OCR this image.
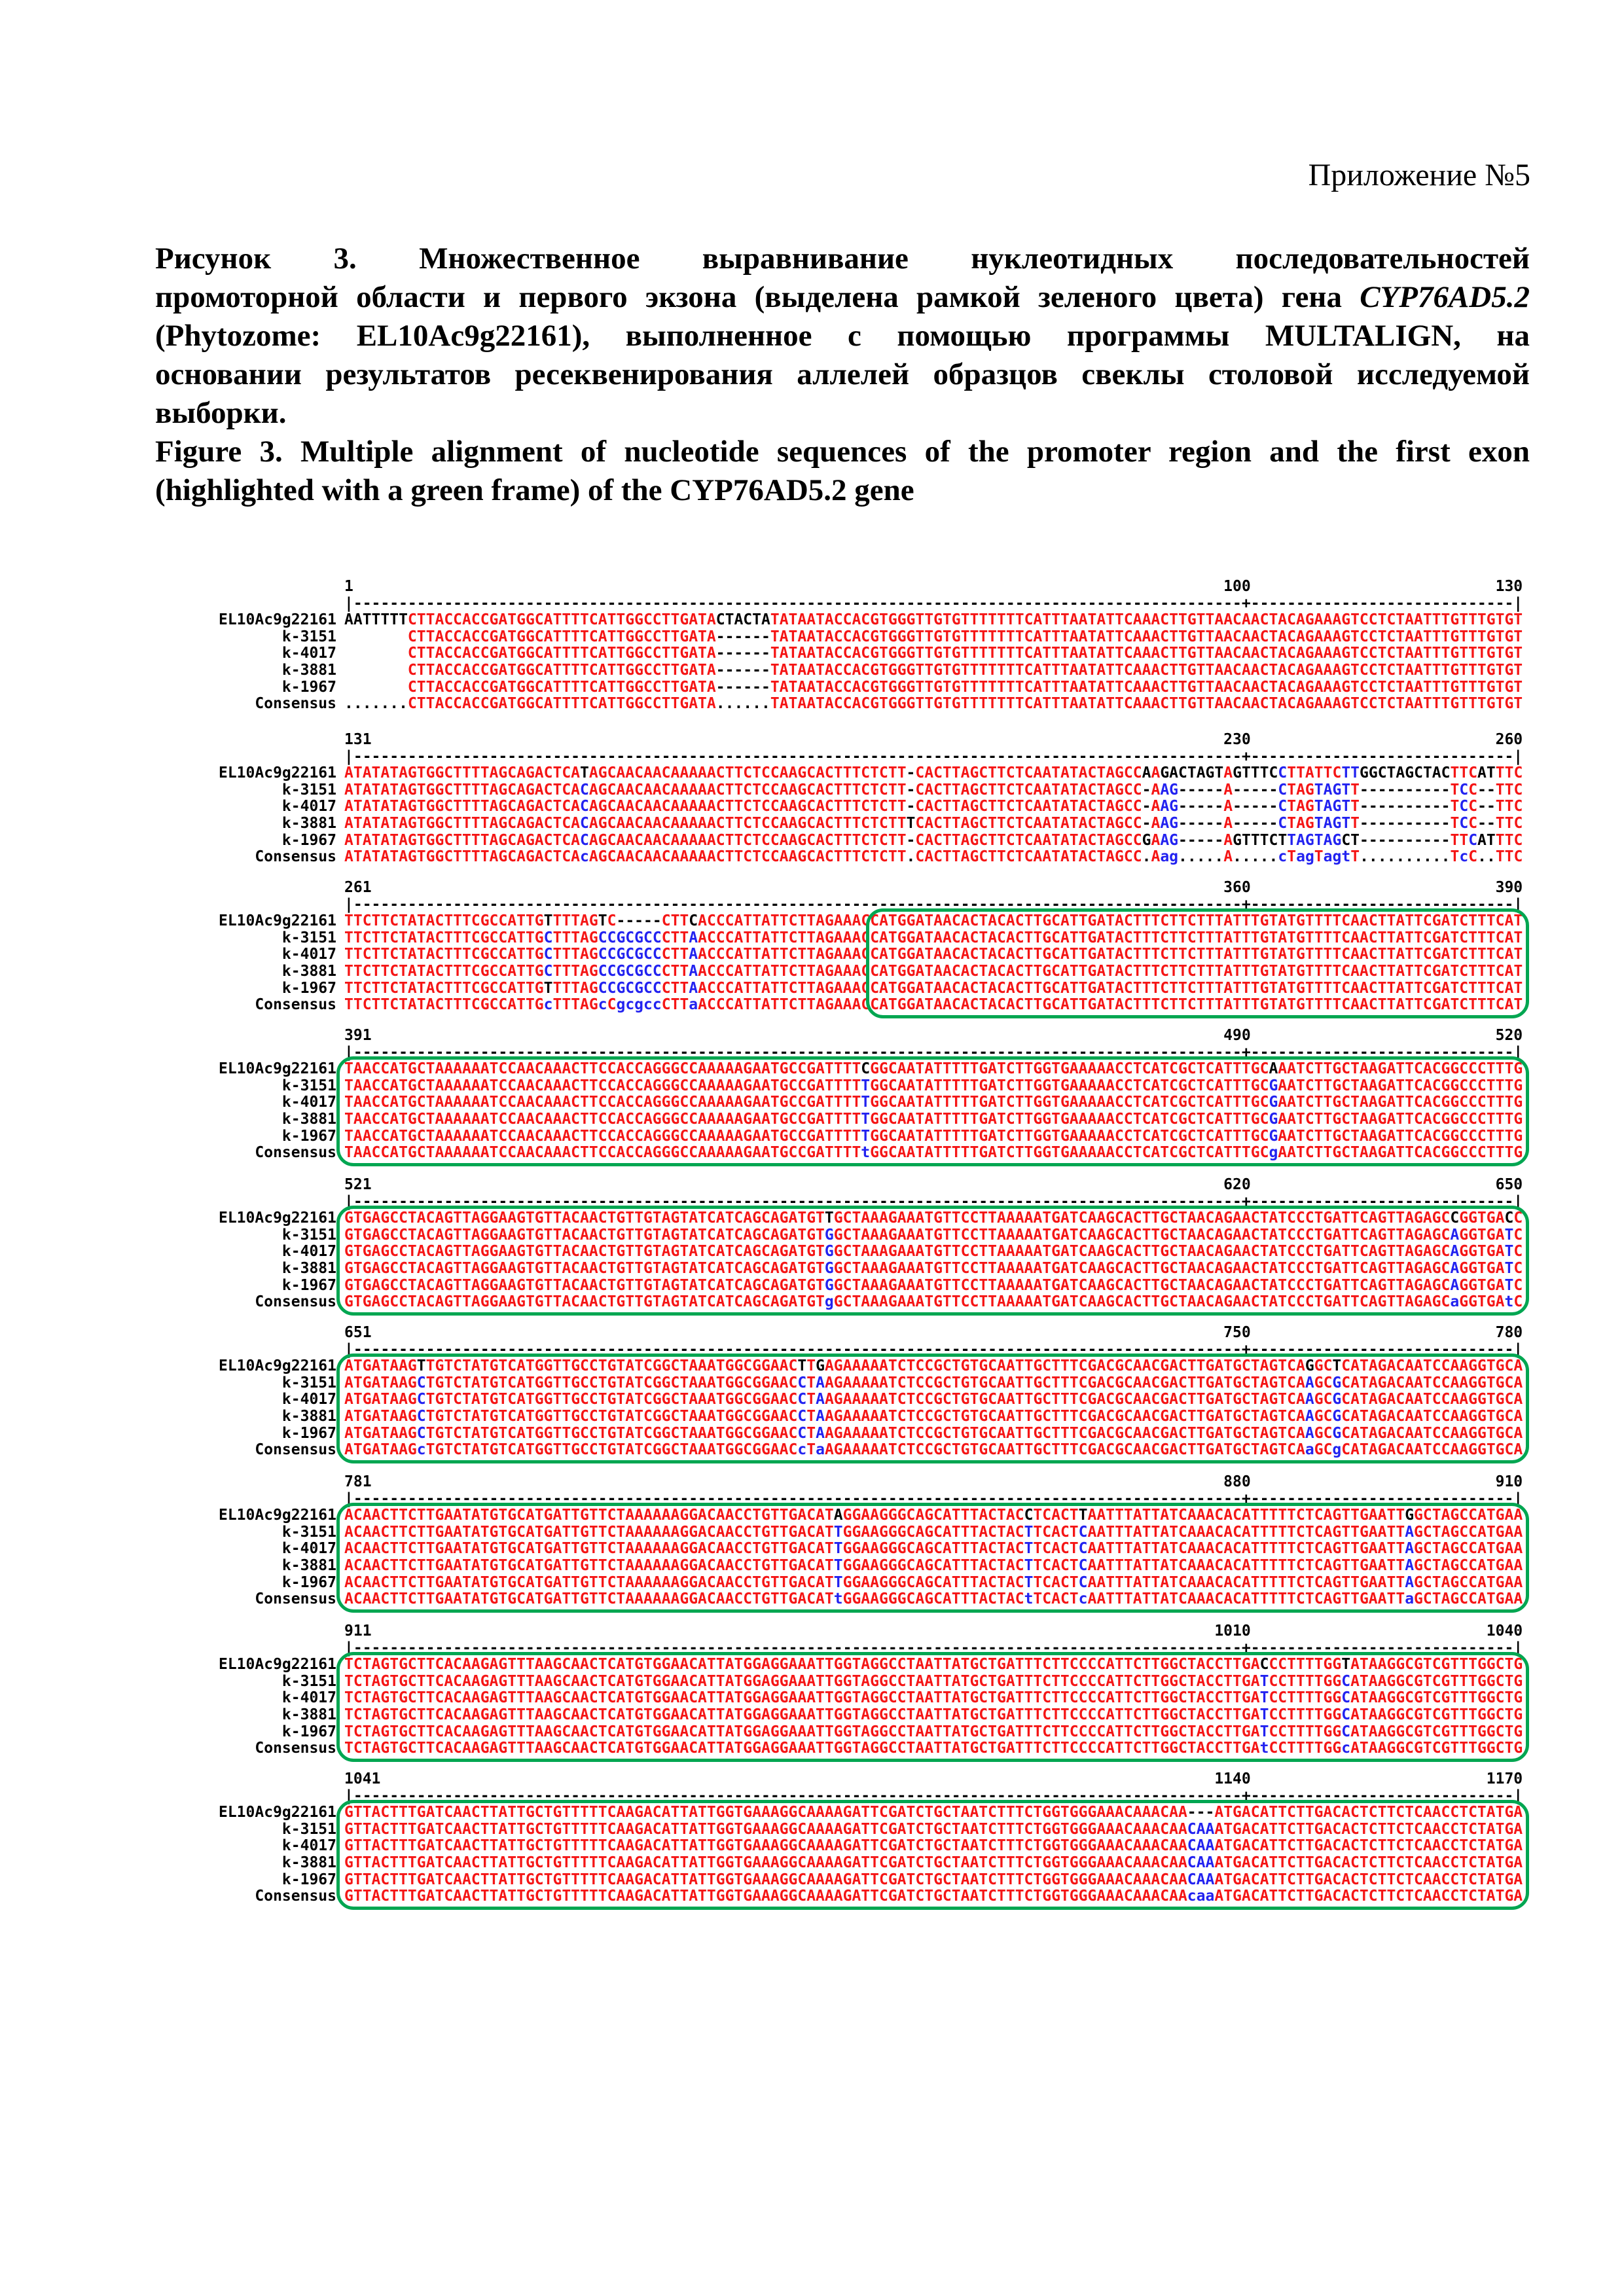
Приложение №5
Рисунок 3. Множественное выравнивание нуклеотидных последовательностей
промоторной области и первого экзона (выделена рамкой зеленого цвета) гена CYP76AD5.2
(Phytozome: EL10Ac9g22161), выполненное с помощью программы MULTALIGN, на
основании результатов ресеквенирования аллелей образцов свеклы столовой исследуемой
выборки.
Figure 3. Multiple alignment of nucleotide sequences of the promoter region and the first exon
(highlighted with a green frame) of the CYP76AD5.2 gene
1                                                                                                100                           130
|--------------------------------------------------------------------------------------------------+-----------------------------|
EL10Ac9g22161 AATTTTTCTTACCACCGATGGCATTTTCATTGGCCTTGATACTACTATATAATACCACGTGGGTTGTGTTTTTTTCATTTAATATTCAAACTTGTTAACAACTACAGAAAGTCCTCTAATTTGTTTGTGT
k-3151 CTTACCACCGATGGCATTTTCATTGGCCTTGATA------TATAATACCACGTGGGTTGTGTTTTTTTCATTTAATATTCAAACTTGTTAACAACTACAGAAAGTCCTCTAATTTGTTTGTGT
k-4017 CTTACCACCGATGGCATTTTCATTGGCCTTGATA------TATAATACCACGTGGGTTGTGTTTTTTTCATTTAATATTCAAACTTGTTAACAACTACAGAAAGTCCTCTAATTTGTTTGTGT
k-3881 CTTACCACCGATGGCATTTTCATTGGCCTTGATA------TATAATACCACGTGGGTTGTGTTTTTTTCATTTAATATTCAAACTTGTTAACAACTACAGAAAGTCCTCTAATTTGTTTGTGT
k-1967 CTTACCACCGATGGCATTTTCATTGGCCTTGATA------TATAATACCACGTGGGTTGTGTTTTTTTCATTTAATATTCAAACTTGTTAACAACTACAGAAAGTCCTCTAATTTGTTTGTGT
Consensus .......CTTACCACCGATGGCATTTTCATTGGCCTTGATA......TATAATACCACGTGGGTTGTGTTTTTTTCATTTAATATTCAAACTTGTTAACAACTACAGAAAGTCCTCTAATTTGTTTGTGT
131                                                                                              230                           260
|--------------------------------------------------------------------------------------------------+-----------------------------|
EL10Ac9g22161 ATATATAGTGGCTTTTAGCAGACTCATAGCAACAACAAAAACTTCTCCAAGCACTTTCTCTT-CACTTAGCTTCTCAATATACTAGCCAAGACTAGTAGTTTCCTTATTCTTGGCTAGCTACTTCATTTC
k-3151 ATATATAGTGGCTTTTAGCAGACTCACAGCAACAACAAAAACTTCTCCAAGCACTTTCTCTT-CACTTAGCTTCTCAATATACTAGCC-AAG-----A-----CTAGTAGTT----------TCC--TTC
k-4017 ATATATAGTGGCTTTTAGCAGACTCACAGCAACAACAAAAACTTCTCCAAGCACTTTCTCTT-CACTTAGCTTCTCAATATACTAGCC-AAG-----A-----CTAGTAGTT----------TCC--TTC
k-3881 ATATATAGTGGCTTTTAGCAGACTCACAGCAACAACAAAAACTTCTCCAAGCACTTTCTCTTTCACTTAGCTTCTCAATATACTAGCC-AAG-----A-----CTAGTAGTT----------TCC--TTC
k-1967 ATATATAGTGGCTTTTAGCAGACTCACAGCAACAACAAAAACTTCTCCAAGCACTTTCTCTT-CACTTAGCTTCTCAATATACTAGCCGAAG-----AGTTTCTTAGTAGCT----------TTCATTTC
Consensus ATATATAGTGGCTTTTAGCAGACTCAcAGCAACAACAAAAACTTCTCCAAGCACTTTCTCTT.CACTTAGCTTCTCAATATACTAGCC.Aag.....A.....cTagTagtT..........TcC..TTC
261                                                                                              360                           390
|--------------------------------------------------------------------------------------------------+-----------------------------|
EL10Ac9g22161 TTCTTCTATACTTTCGCCATTGTTTTAGTC-----CTTCACCCATTATTCTTAGAAACCATGGATAACACTACACTTGCATTGATACTTTCTTCTTTATTTGTATGTTTTCAACTTATTCGATCTTTCAT
k-3151 TTCTTCTATACTTTCGCCATTGCTTTAGCCGCGCCCTTAACCCATTATTCTTAGAAACCATGGATAACACTACACTTGCATTGATACTTTCTTCTTTATTTGTATGTTTTCAACTTATTCGATCTTTCAT
k-4017 TTCTTCTATACTTTCGCCATTGCTTTAGCCGCGCCCTTAACCCATTATTCTTAGAAACCATGGATAACACTACACTTGCATTGATACTTTCTTCTTTATTTGTATGTTTTCAACTTATTCGATCTTTCAT
k-3881 TTCTTCTATACTTTCGCCATTGCTTTAGCCGCGCCCTTAACCCATTATTCTTAGAAACCATGGATAACACTACACTTGCATTGATACTTTCTTCTTTATTTGTATGTTTTCAACTTATTCGATCTTTCAT
k-1967 TTCTTCTATACTTTCGCCATTGTTTTAGCCGCGCCCTTAACCCATTATTCTTAGAAACCATGGATAACACTACACTTGCATTGATACTTTCTTCTTTATTTGTATGTTTTCAACTTATTCGATCTTTCAT
Consensus TTCTTCTATACTTTCGCCATTGcTTTAGcCgcgccCTTaACCCATTATTCTTAGAAACCATGGATAACACTACACTTGCATTGATACTTTCTTCTTTATTTGTATGTTTTCAACTTATTCGATCTTTCAT
391                                                                                              490                           520
|--------------------------------------------------------------------------------------------------+-----------------------------|
EL10Ac9g22161 TAACCATGCTAAAAAATCCAACAAACTTCCACCAGGGCCAAAAAGAATGCCGATTTTCGGCAATATTTTTGATCTTGGTGAAAAACCTCATCGCTCATTTGCAAATCTTGCTAAGATTCACGGCCCTTTG
k-3151 TAACCATGCTAAAAAATCCAACAAACTTCCACCAGGGCCAAAAAGAATGCCGATTTTTGGCAATATTTTTGATCTTGGTGAAAAACCTCATCGCTCATTTGCGAATCTTGCTAAGATTCACGGCCCTTTG
k-4017 TAACCATGCTAAAAAATCCAACAAACTTCCACCAGGGCCAAAAAGAATGCCGATTTTTGGCAATATTTTTGATCTTGGTGAAAAACCTCATCGCTCATTTGCGAATCTTGCTAAGATTCACGGCCCTTTG
k-3881 TAACCATGCTAAAAAATCCAACAAACTTCCACCAGGGCCAAAAAGAATGCCGATTTTTGGCAATATTTTTGATCTTGGTGAAAAACCTCATCGCTCATTTGCGAATCTTGCTAAGATTCACGGCCCTTTG
k-1967 TAACCATGCTAAAAAATCCAACAAACTTCCACCAGGGCCAAAAAGAATGCCGATTTTTGGCAATATTTTTGATCTTGGTGAAAAACCTCATCGCTCATTTGCGAATCTTGCTAAGATTCACGGCCCTTTG
Consensus TAACCATGCTAAAAAATCCAACAAACTTCCACCAGGGCCAAAAAGAATGCCGATTTTtGGCAATATTTTTGATCTTGGTGAAAAACCTCATCGCTCATTTGCgAATCTTGCTAAGATTCACGGCCCTTTG
521                                                                                              620                           650
|--------------------------------------------------------------------------------------------------+-----------------------------|
EL10Ac9g22161 GTGAGCCTACAGTTAGGAAGTGTTACAACTGTTGTAGTATCATCAGCAGATGTTGCTAAAGAAATGTTCCTTAAAAATGATCAAGCACTTGCTAACAGAACTATCCCTGATTCAGTTAGAGCCGGTGACC
k-3151 GTGAGCCTACAGTTAGGAAGTGTTACAACTGTTGTAGTATCATCAGCAGATGTGGCTAAAGAAATGTTCCTTAAAAATGATCAAGCACTTGCTAACAGAACTATCCCTGATTCAGTTAGAGCAGGTGATC
k-4017 GTGAGCCTACAGTTAGGAAGTGTTACAACTGTTGTAGTATCATCAGCAGATGTGGCTAAAGAAATGTTCCTTAAAAATGATCAAGCACTTGCTAACAGAACTATCCCTGATTCAGTTAGAGCAGGTGATC
k-3881 GTGAGCCTACAGTTAGGAAGTGTTACAACTGTTGTAGTATCATCAGCAGATGTGGCTAAAGAAATGTTCCTTAAAAATGATCAAGCACTTGCTAACAGAACTATCCCTGATTCAGTTAGAGCAGGTGATC
k-1967 GTGAGCCTACAGTTAGGAAGTGTTACAACTGTTGTAGTATCATCAGCAGATGTGGCTAAAGAAATGTTCCTTAAAAATGATCAAGCACTTGCTAACAGAACTATCCCTGATTCAGTTAGAGCAGGTGATC
Consensus GTGAGCCTACAGTTAGGAAGTGTTACAACTGTTGTAGTATCATCAGCAGATGTgGCTAAAGAAATGTTCCTTAAAAATGATCAAGCACTTGCTAACAGAACTATCCCTGATTCAGTTAGAGCaGGTGAtC
651                                                                                              750                           780
|--------------------------------------------------------------------------------------------------+-----------------------------|
EL10Ac9g22161 ATGATAAGTTGTCTATGTCATGGTTGCCTGTATCGGCTAAATGGCGGAACTTGAGAAAAATCTCCGCTGTGCAATTGCTTTCGACGCAACGACTTGATGCTAGTCAGGCTCATAGACAATCCAAGGTGCA
k-3151 ATGATAAGCTGTCTATGTCATGGTTGCCTGTATCGGCTAAATGGCGGAACCTAAGAAAAATCTCCGCTGTGCAATTGCTTTCGACGCAACGACTTGATGCTAGTCAAGCGCATAGACAATCCAAGGTGCA
k-4017 ATGATAAGCTGTCTATGTCATGGTTGCCTGTATCGGCTAAATGGCGGAACCTAAGAAAAATCTCCGCTGTGCAATTGCTTTCGACGCAACGACTTGATGCTAGTCAAGCGCATAGACAATCCAAGGTGCA
k-3881 ATGATAAGCTGTCTATGTCATGGTTGCCTGTATCGGCTAAATGGCGGAACCTAAGAAAAATCTCCGCTGTGCAATTGCTTTCGACGCAACGACTTGATGCTAGTCAAGCGCATAGACAATCCAAGGTGCA
k-1967 ATGATAAGCTGTCTATGTCATGGTTGCCTGTATCGGCTAAATGGCGGAACCTAAGAAAAATCTCCGCTGTGCAATTGCTTTCGACGCAACGACTTGATGCTAGTCAAGCGCATAGACAATCCAAGGTGCA
Consensus ATGATAAGcTGTCTATGTCATGGTTGCCTGTATCGGCTAAATGGCGGAACcTaAGAAAAATCTCCGCTGTGCAATTGCTTTCGACGCAACGACTTGATGCTAGTCAaGCgCATAGACAATCCAAGGTGCA
781                                                                                              880                           910
|--------------------------------------------------------------------------------------------------+-----------------------------|
EL10Ac9g22161 ACAACTTCTTGAATATGTGCATGATTGTTCTAAAAAAGGACAACCTGTTGACATAGGAAGGGCAGCATTTACTACCTCACTTAATTTATTATCAAACACATTTTTCTCAGTTGAATTGGCTAGCCATGAA
k-3151 ACAACTTCTTGAATATGTGCATGATTGTTCTAAAAAAGGACAACCTGTTGACATTGGAAGGGCAGCATTTACTACTTCACTCAATTTATTATCAAACACATTTTTCTCAGTTGAATTAGCTAGCCATGAA
k-4017 ACAACTTCTTGAATATGTGCATGATTGTTCTAAAAAAGGACAACCTGTTGACATTGGAAGGGCAGCATTTACTACTTCACTCAATTTATTATCAAACACATTTTTCTCAGTTGAATTAGCTAGCCATGAA
k-3881 ACAACTTCTTGAATATGTGCATGATTGTTCTAAAAAAGGACAACCTGTTGACATTGGAAGGGCAGCATTTACTACTTCACTCAATTTATTATCAAACACATTTTTCTCAGTTGAATTAGCTAGCCATGAA
k-1967 ACAACTTCTTGAATATGTGCATGATTGTTCTAAAAAAGGACAACCTGTTGACATTGGAAGGGCAGCATTTACTACTTCACTCAATTTATTATCAAACACATTTTTCTCAGTTGAATTAGCTAGCCATGAA
Consensus ACAACTTCTTGAATATGTGCATGATTGTTCTAAAAAAGGACAACCTGTTGACATtGGAAGGGCAGCATTTACTACtTCACTcAATTTATTATCAAACACATTTTTCTCAGTTGAATTaGCTAGCCATGAA
911                                                                                             1010                          1040
|--------------------------------------------------------------------------------------------------+-----------------------------|
EL10Ac9g22161 TCTAGTGCTTCACAAGAGTTTAAGCAACTCATGTGGAACATTATGGAGGAAATTGGTAGGCCTAATTATGCTGATTTCTTCCCCATTCTTGGCTACCTTGACCCTTTTGGTATAAGGCGTCGTTTGGCTG
k-3151 TCTAGTGCTTCACAAGAGTTTAAGCAACTCATGTGGAACATTATGGAGGAAATTGGTAGGCCTAATTATGCTGATTTCTTCCCCATTCTTGGCTACCTTGATCCTTTTGGCATAAGGCGTCGTTTGGCTG
k-4017 TCTAGTGCTTCACAAGAGTTTAAGCAACTCATGTGGAACATTATGGAGGAAATTGGTAGGCCTAATTATGCTGATTTCTTCCCCATTCTTGGCTACCTTGATCCTTTTGGCATAAGGCGTCGTTTGGCTG
k-3881 TCTAGTGCTTCACAAGAGTTTAAGCAACTCATGTGGAACATTATGGAGGAAATTGGTAGGCCTAATTATGCTGATTTCTTCCCCATTCTTGGCTACCTTGATCCTTTTGGCATAAGGCGTCGTTTGGCTG
k-1967 TCTAGTGCTTCACAAGAGTTTAAGCAACTCATGTGGAACATTATGGAGGAAATTGGTAGGCCTAATTATGCTGATTTCTTCCCCATTCTTGGCTACCTTGATCCTTTTGGCATAAGGCGTCGTTTGGCTG
Consensus TCTAGTGCTTCACAAGAGTTTAAGCAACTCATGTGGAACATTATGGAGGAAATTGGTAGGCCTAATTATGCTGATTTCTTCCCCATTCTTGGCTACCTTGAtCCTTTTGGcATAAGGCGTCGTTTGGCTG
1041                                                                                            1140                          1170
|--------------------------------------------------------------------------------------------------+-----------------------------|
EL10Ac9g22161 GTTACTTTGATCAACTTATTGCTGTTTTTCAAGACATTATTGGTGAAAGGCAAAAGATTCGATCTGCTAATCTTTCTGGTGGGAAACAAACAA---ATGACATTCTTGACACTCTTCTCAACCTCTATGA
k-3151 GTTACTTTGATCAACTTATTGCTGTTTTTCAAGACATTATTGGTGAAAGGCAAAAGATTCGATCTGCTAATCTTTCTGGTGGGAAACAAACAACAAATGACATTCTTGACACTCTTCTCAACCTCTATGA
k-4017 GTTACTTTGATCAACTTATTGCTGTTTTTCAAGACATTATTGGTGAAAGGCAAAAGATTCGATCTGCTAATCTTTCTGGTGGGAAACAAACAACAAATGACATTCTTGACACTCTTCTCAACCTCTATGA
k-3881 GTTACTTTGATCAACTTATTGCTGTTTTTCAAGACATTATTGGTGAAAGGCAAAAGATTCGATCTGCTAATCTTTCTGGTGGGAAACAAACAACAAATGACATTCTTGACACTCTTCTCAACCTCTATGA
k-1967 GTTACTTTGATCAACTTATTGCTGTTTTTCAAGACATTATTGGTGAAAGGCAAAAGATTCGATCTGCTAATCTTTCTGGTGGGAAACAAACAACAAATGACATTCTTGACACTCTTCTCAACCTCTATGA
Consensus GTTACTTTGATCAACTTATTGCTGTTTTTCAAGACATTATTGGTGAAAGGCAAAAGATTCGATCTGCTAATCTTTCTGGTGGGAAACAAACAAcaaATGACATTCTTGACACTCTTCTCAACCTCTATGA
